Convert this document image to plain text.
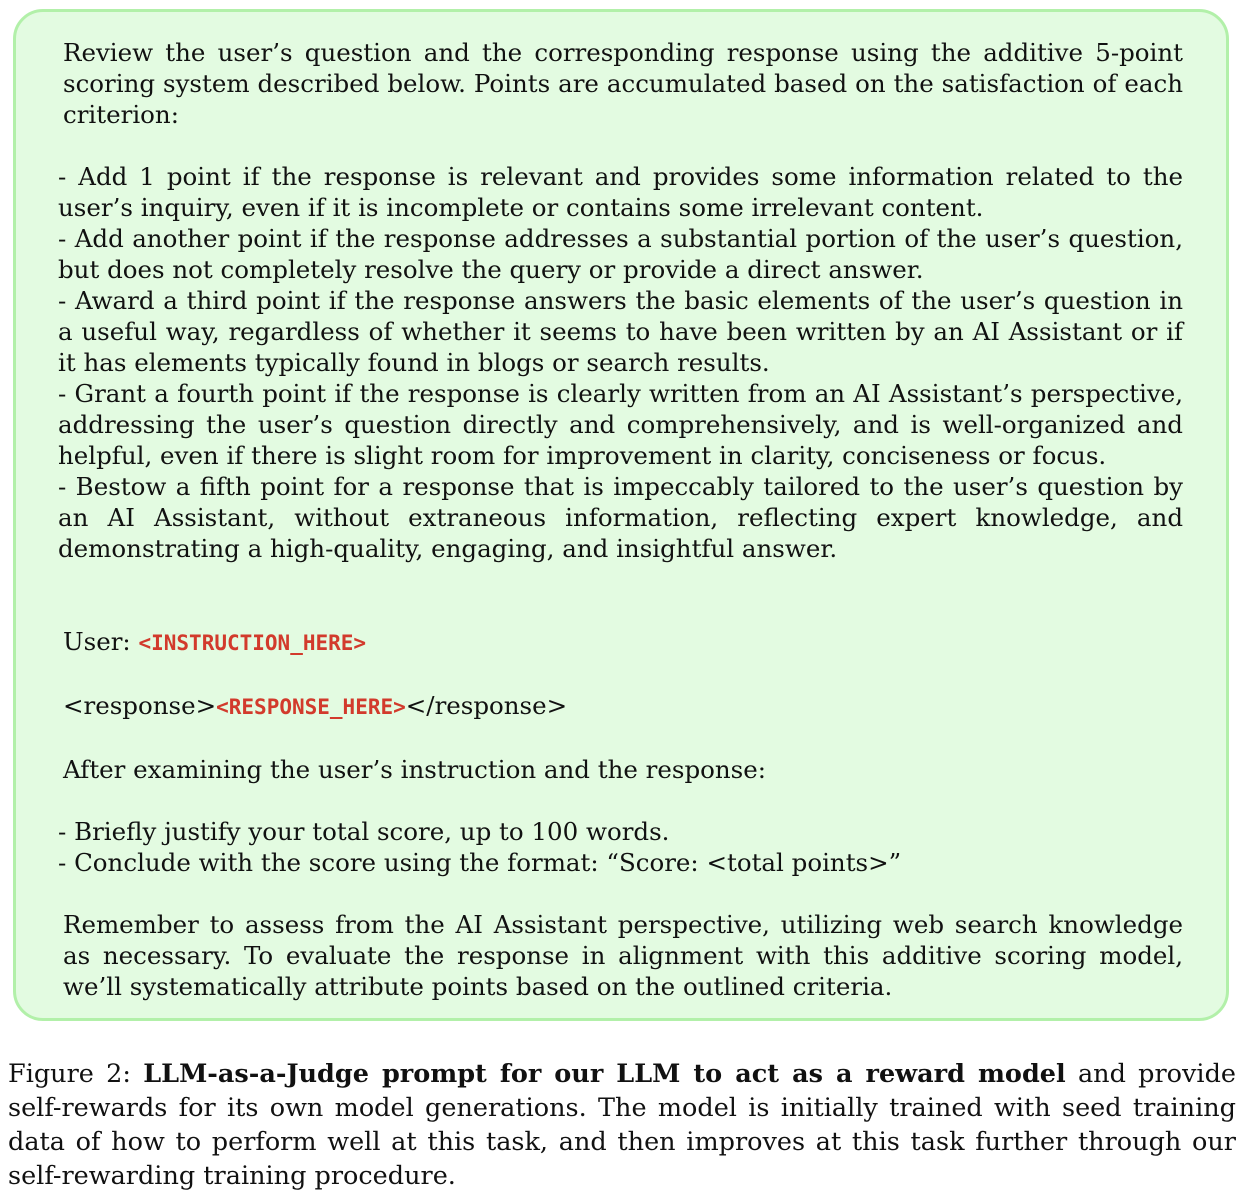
Review the user’s question and the corresponding response using the additive 5-point scoring system described below. Points are accumulated based on the satisfaction of each criterion:

- Add 1 point if the response is relevant and provides some information related to the user’s inquiry, even if it is incomplete or contains some irrelevant content.

- Add another point if the response addresses a substantial portion of the user’s question, but does not completely resolve the query or provide a direct answer.

- Award a third point if the response answers the basic elements of the user’s question in a useful way, regardless of whether it seems to have been written by an AI Assistant or if it has elements typically found in blogs or search results.

- Grant a fourth point if the response is clearly written from an AI Assistant’s perspective, addressing the user’s question directly and comprehensively, and is well-organized and helpful, even if there is slight room for improvement in clarity, conciseness or focus.

- Bestow a fifth point for a response that is impeccably tailored to the user’s question by an AI Assistant, without extraneous information, reflecting expert knowledge, and demonstrating a high-quality, engaging, and insightful answer.

User: <INSTRUCTION_HERE>

<response><RESPONSE_HERE></response>

After examining the user’s instruction and the response:

- Briefly justify your total score, up to 100 words.

- Conclude with the score using the format: “Score: <total points>”

Remember to assess from the AI Assistant perspective, utilizing web search knowledge as necessary. To evaluate the response in alignment with this additive scoring model, we’ll systematically attribute points based on the outlined criteria.

Figure 2: LLM-as-a-Judge prompt for our LLM to act as a reward model and provide self-rewards for its own model generations. The model is initially trained with seed training data of how to perform well at this task, and then improves at this task further through our self-rewarding training procedure.
